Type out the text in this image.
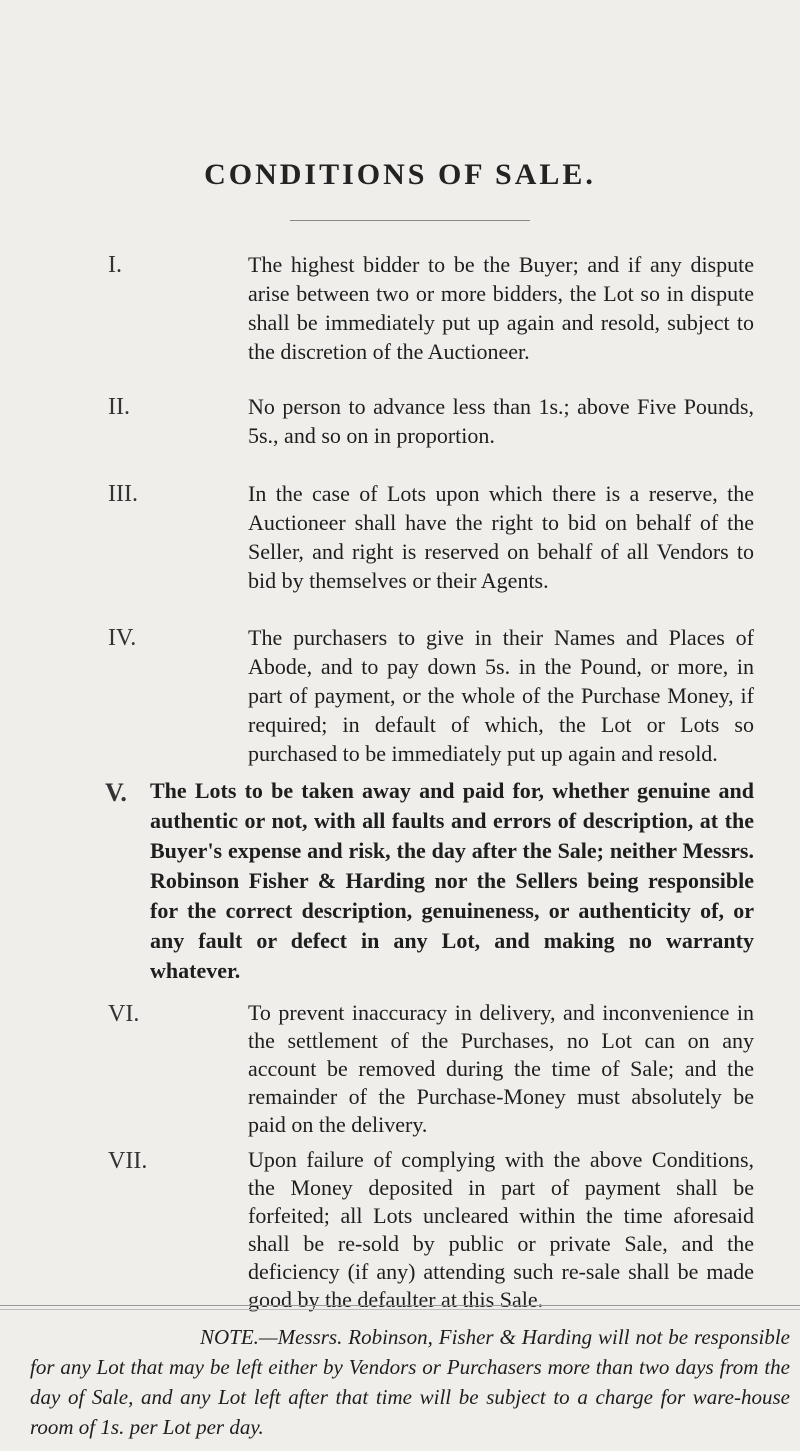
CONDITIONS OF SALE.
I.	The highest bidder to be the Buyer; and if any dispute arise between two or more bidders, the Lot so in dispute shall be immediately put up again and resold, subject to the discretion of the Auctioneer.
II.	No person to advance less than 1s.; above Five Pounds, 5s., and so on in proportion.
III.	In the case of Lots upon which there is a reserve, the Auctioneer shall have the right to bid on behalf of the Seller, and right is reserved on behalf of all Vendors to bid by themselves or their Agents.
IV.	The purchasers to give in their Names and Places of Abode, and to pay down 5s. in the Pound, or more, in part of payment, or the whole of the Purchase Money, if required; in default of which, the Lot or Lots so purchased to be immediately put up again and resold.
V. The Lots to be taken away and paid for, whether genuine and authentic or not, with all faults and errors of description, at the Buyer's expense and risk, the day after the Sale; neither Messrs. Robinson Fisher & Harding nor the Sellers being responsible for the correct description, genuineness, or authenticity of, or any fault or defect in any Lot, and making no warranty whatever.
VI.	To prevent inaccuracy in delivery, and inconvenience in the settlement of the Purchases, no Lot can on any account be removed during the time of Sale; and the remainder of the Purchase-Money must absolutely be paid on the delivery.
VII.	Upon failure of complying with the above Conditions, the Money deposited in part of payment shall be forfeited; all Lots uncleared within the time aforesaid shall be re-sold by public or private Sale, and the deficiency (if any) attending such re-sale shall be made good by the defaulter at this Sale.
NOTE.—Messrs. Robinson, Fisher & Harding will not be responsible for any Lot that may be left either by Vendors or Purchasers more than two days from the day of Sale, and any Lot left after that time will be subject to a charge for ware-house room of 1s. per Lot per day.
